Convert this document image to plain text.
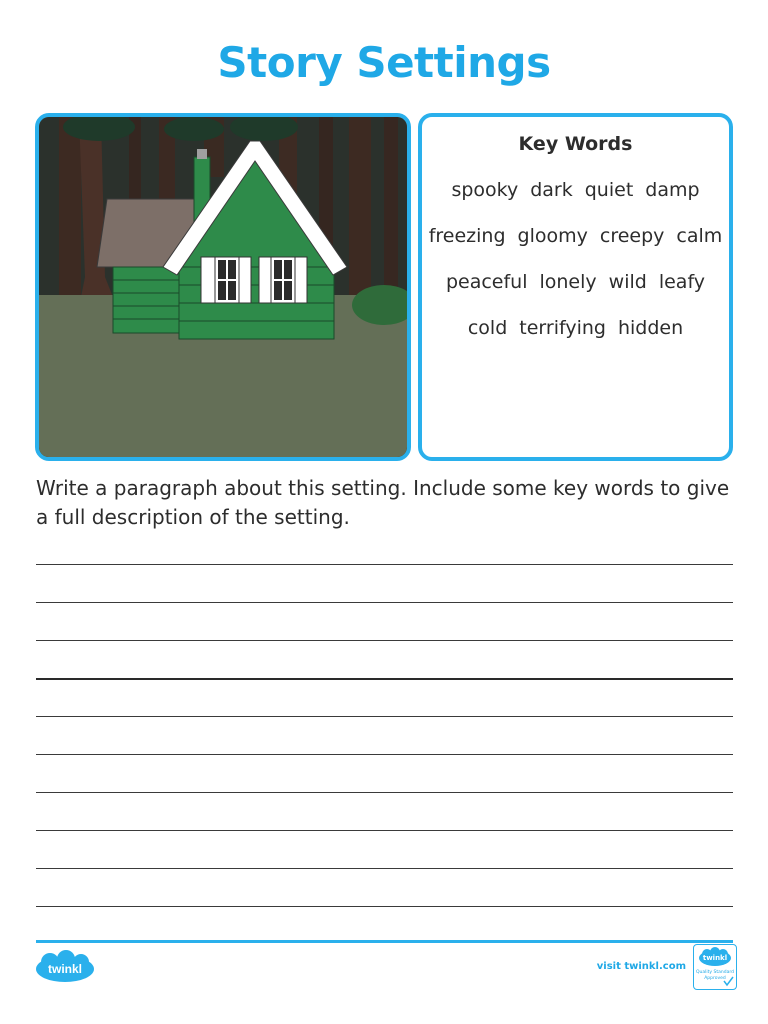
Story Settings
Key Words
spooky dark quiet damp
freezing gloomy creepy calm
peaceful lonely wild leafy
cold terrifying hidden
Write a paragraph about this setting. Include some key words to give a full description of the setting.
twinkl	visit twinkl.com
twinkl
Quality Standard
Approved
